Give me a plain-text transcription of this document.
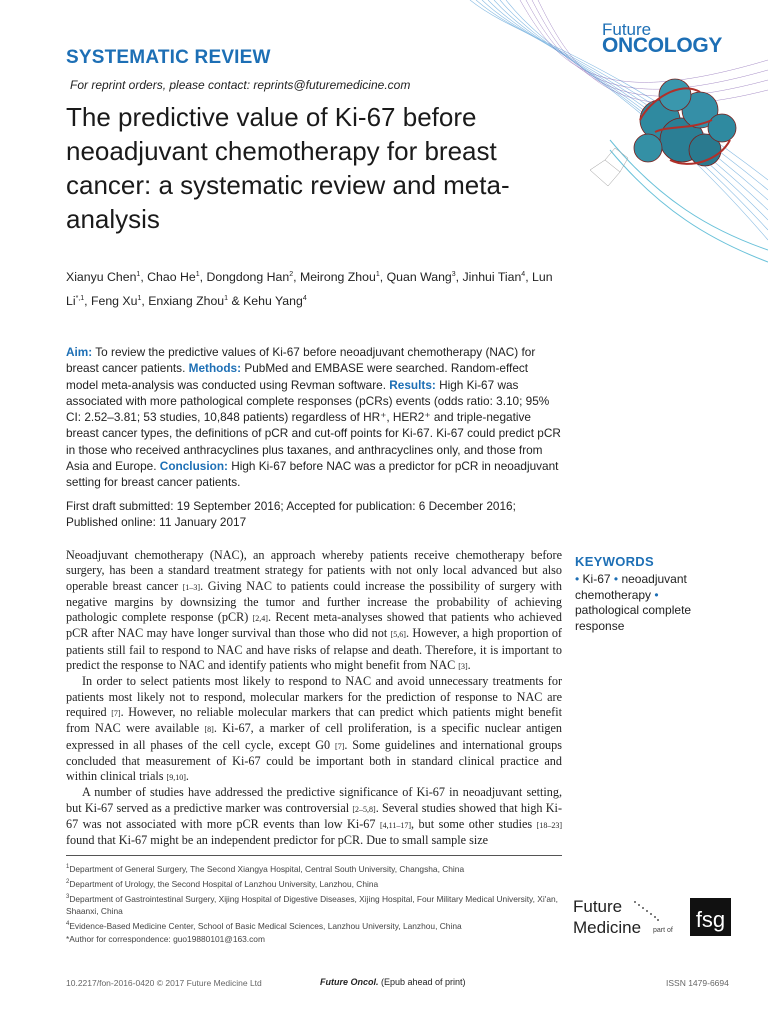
Future
ONCOLOGY
SYSTEMATIC REVIEW
For reprint orders, please contact: reprints@futuremedicine.com
The predictive value of Ki-67 before neoadjuvant chemotherapy for breast cancer: a systematic review and meta-analysis
Xianyu Chen$^1$, Chao He$^1$, Dongdong Han$^2$, Meirong Zhou$^1$, Quan Wang$^3$, Jinhui Tian$^4$, Lun $Li^{*,1}$, Feng Xu$^1$, Enxiang Zhou$^1$ & Kehu Yang$^4$
Aim: To review the predictive values of Ki-67 before neoadjuvant chemotherapy (NAC) for breast cancer patients. Methods: PubMed and EMBASE were searched. Random-effect model meta-analysis was conducted using Revman software. Results: High Ki-67 was associated with more pathological complete responses (pCRs) events (odds ratio: 3.10; 95% CI: 2.52–3.81; 53 studies, 10,848 patients) regardless of HR⁺, HER2⁺ and triple-negative breast cancer types, the definitions of pCR and cut-off points for Ki-67. Ki-67 could predict pCR in those who received anthracyclines plus taxanes, and anthracyclines only, and those from Asia and Europe. Conclusion: High Ki-67 before NAC was a predictor for pCR in neoadjuvant setting for breast cancer patients.
First draft submitted: 19 September 2016; Accepted for publication: 6 December 2016; Published online: 11 January 2017

Neoadjuvant chemotherapy (NAC), an approach whereby patients receive chemotherapy before surgery, has been a standard treatment strategy for patients with not only local advanced but also operable breast cancer [1–3]. Giving NAC to patients could increase the possibility of surgery with negative margins by downsizing the tumor and further increase the probability of achieving pathologic complete response (pCR) [2,4]. Recent meta-analyses showed that patients who achieved pCR after NAC may have longer survival than those who did not [5,6]. However, a high proportion of patients still fail to respond to NAC and have risks of relapse and death. Therefore, it is important to predict the response to NAC and identify patients who might benefit from NAC [3].

In order to select patients most likely to respond to NAC and avoid unnecessary treatments for patients most likely not to respond, molecular markers for the prediction of response to NAC are required [7]. However, no reliable molecular markers that can predict which patients might benefit from NAC were available [8]. Ki-67, a marker of cell proliferation, is a specific nuclear antigen expressed in all phases of the cell cycle, except G0 [7]. Some guidelines and international groups concluded that measurement of Ki-67 could be important both in standard clinical practice and within clinical trials [9,10].

A number of studies have addressed the predictive significance of Ki-67 in neoadjuvant setting, but Ki-67 served as a predictive marker was controversial [2–5,8]. Several studies showed that high Ki-67 was not associated with more pCR events than low Ki-67 [4,11–17], but some other studies [18–23] found that Ki-67 might be an independent predictor for pCR. Due to small sample size

KEYWORDS
• Ki-67 • neoadjuvant chemotherapy • pathological complete response
$^1$Department of General Surgery, The Second Xiangya Hospital, Central South University, Changsha, China
$^2$Department of Urology, the Second Hospital of Lanzhou University, Lanzhou, China
$^3$Department of Gastrointestinal Surgery, Xijing Hospital of Digestive Diseases, Xijing Hospital, Four Military Medical University, Xi'an, Shaanxi, China
$^4$Evidence-Based Medicine Center, School of Basic Medical Sciences, Lanzhou University, Lanzhou, China
*Author for correspondence: guo19880101@163.com
Future
Medicine part of fsg
10.2217/fon-2016-0420 © 2017 Future Medicine Ltd	Future Oncol. (Epub ahead of print)	ISSN 1479-6694
